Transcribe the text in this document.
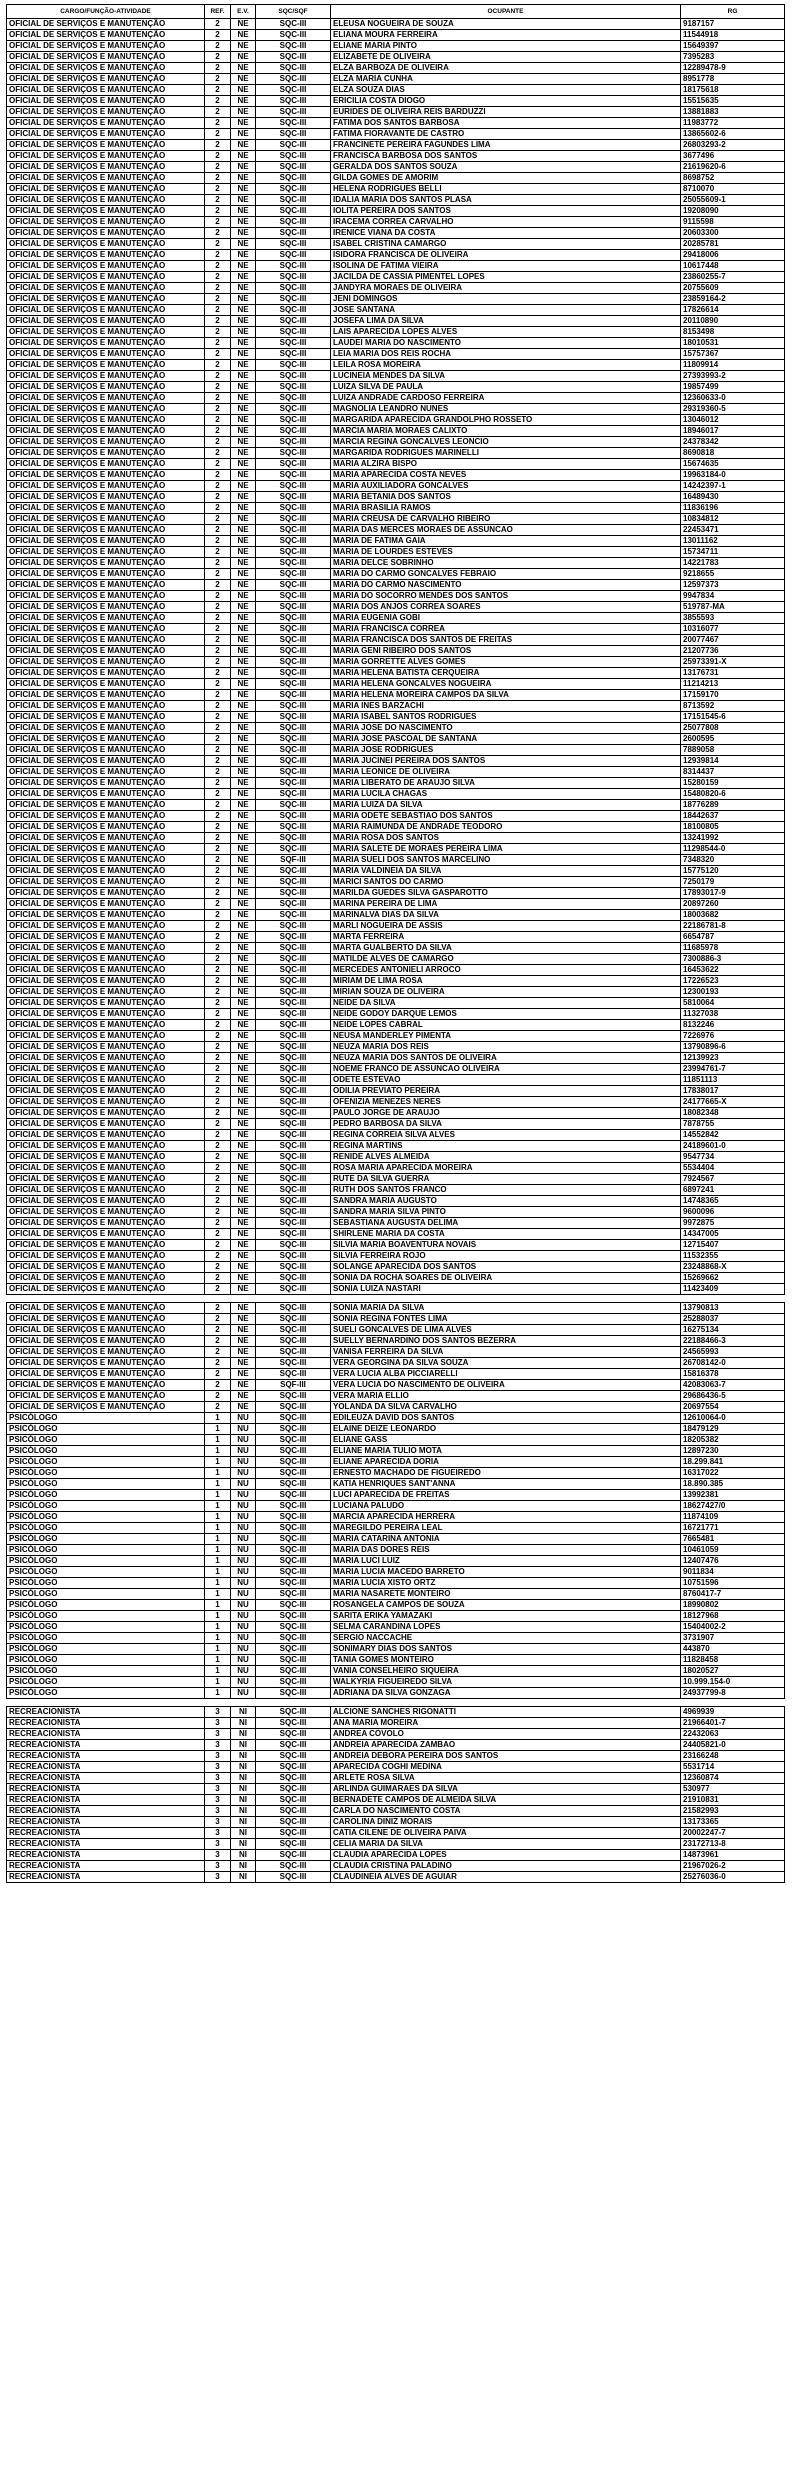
CARGO/FUNÇÃO-ATIVIDADE	REF.	E.V.	SQC/SQF	OCUPANTE	RG
OFICIAL DE SERVIÇOS E MANUTENÇÃO	2	NE	SQC-III	ELEUSA NOGUEIRA DE SOUZA	9187157
OFICIAL DE SERVIÇOS E MANUTENÇÃO	2	NE	SQC-III	ELIANA MOURA FERREIRA	11544918
OFICIAL DE SERVIÇOS E MANUTENÇÃO	2	NE	SQC-III	ELIANE MARIA PINTO	15649397
OFICIAL DE SERVIÇOS E MANUTENÇÃO	2	NE	SQC-III	ELIZABETE DE OLIVEIRA	7395283
OFICIAL DE SERVIÇOS E MANUTENÇÃO	2	NE	SQC-III	ELZA BARBOZA DE OLIVEIRA	12289478-9
OFICIAL DE SERVIÇOS E MANUTENÇÃO	2	NE	SQC-III	ELZA MARIA CUNHA	8951778
OFICIAL DE SERVIÇOS E MANUTENÇÃO	2	NE	SQC-III	ELZA SOUZA DIAS	18175618
OFICIAL DE SERVIÇOS E MANUTENÇÃO	2	NE	SQC-III	ERICILIA COSTA DIOGO	15515635
OFICIAL DE SERVIÇOS E MANUTENÇÃO	2	NE	SQC-III	EURIDES DE OLIVEIRA REIS BARDUZZI	13881883
OFICIAL DE SERVIÇOS E MANUTENÇÃO	2	NE	SQC-III	FATIMA DOS SANTOS BARBOSA	11983772
OFICIAL DE SERVIÇOS E MANUTENÇÃO	2	NE	SQC-III	FATIMA FIORAVANTE DE CASTRO	13865602-6
OFICIAL DE SERVIÇOS E MANUTENÇÃO	2	NE	SQC-III	FRANCINETE PEREIRA FAGUNDES LIMA	26803293-2
OFICIAL DE SERVIÇOS E MANUTENÇÃO	2	NE	SQC-III	FRANCISCA BARBOSA DOS SANTOS	3677496
OFICIAL DE SERVIÇOS E MANUTENÇÃO	2	NE	SQC-III	GERALDA DOS SANTOS SOUZA	21619620-6
OFICIAL DE SERVIÇOS E MANUTENÇÃO	2	NE	SQC-III	GILDA GOMES DE AMORIM	8698752
OFICIAL DE SERVIÇOS E MANUTENÇÃO	2	NE	SQC-III	HELENA RODRIGUES BELLI	8710070
OFICIAL DE SERVIÇOS E MANUTENÇÃO	2	NE	SQC-III	IDALIA MARIA DOS SANTOS PLASA	25055609-1
OFICIAL DE SERVIÇOS E MANUTENÇÃO	2	NE	SQC-III	IOLITA PEREIRA DOS SANTOS	19208090
OFICIAL DE SERVIÇOS E MANUTENÇÃO	2	NE	SQC-III	IRACEMA CORREA CARVALHO	9115598
OFICIAL DE SERVIÇOS E MANUTENÇÃO	2	NE	SQC-III	IRENICE VIANA DA COSTA	20603300
OFICIAL DE SERVIÇOS E MANUTENÇÃO	2	NE	SQC-III	ISABEL CRISTINA CAMARGO	20285781
OFICIAL DE SERVIÇOS E MANUTENÇÃO	2	NE	SQC-III	ISIDORA FRANCISCA DE OLIVEIRA	29418006
OFICIAL DE SERVIÇOS E MANUTENÇÃO	2	NE	SQC-III	ISOLINA DE FATIMA VIEIRA	10617448
OFICIAL DE SERVIÇOS E MANUTENÇÃO	2	NE	SQC-III	JACILDA DE CASSIA PIMENTEL LOPES	23860255-7
OFICIAL DE SERVIÇOS E MANUTENÇÃO	2	NE	SQC-III	JANDYRA MORAES DE OLIVEIRA	20755609
OFICIAL DE SERVIÇOS E MANUTENÇÃO	2	NE	SQC-III	JENI DOMINGOS	23859164-2
OFICIAL DE SERVIÇOS E MANUTENÇÃO	2	NE	SQC-III	JOSE SANTANA	17826614
OFICIAL DE SERVIÇOS E MANUTENÇÃO	2	NE	SQC-III	JOSEFA LIMA DA SILVA	20110890
OFICIAL DE SERVIÇOS E MANUTENÇÃO	2	NE	SQC-III	LAIS APARECIDA LOPES ALVES	8153498
OFICIAL DE SERVIÇOS E MANUTENÇÃO	2	NE	SQC-III	LAUDEI MARIA DO NASCIMENTO	18010531
OFICIAL DE SERVIÇOS E MANUTENÇÃO	2	NE	SQC-III	LEIA MARIA DOS REIS ROCHA	15757367
OFICIAL DE SERVIÇOS E MANUTENÇÃO	2	NE	SQC-III	LEILA ROSA MOREIRA	11809914
OFICIAL DE SERVIÇOS E MANUTENÇÃO	2	NE	SQC-III	LUCINEIA MENDES DA SILVA	27393993-2
OFICIAL DE SERVIÇOS E MANUTENÇÃO	2	NE	SQC-III	LUIZA SILVA DE PAULA	19857499
OFICIAL DE SERVIÇOS E MANUTENÇÃO	2	NE	SQC-III	LUIZA ANDRADE CARDOSO FERREIRA	12360633-0
OFICIAL DE SERVIÇOS E MANUTENÇÃO	2	NE	SQC-III	MAGNOLIA LEANDRO NUNES	29319360-5
OFICIAL DE SERVIÇOS E MANUTENÇÃO	2	NE	SQC-III	MARGARIDA APARECIDA GRANDOLPHO ROSSETO	13046012
OFICIAL DE SERVIÇOS E MANUTENÇÃO	2	NE	SQC-III	MARCIA MARIA MORAES CALIXTO	18946017
OFICIAL DE SERVIÇOS E MANUTENÇÃO	2	NE	SQC-III	MARCIA REGINA GONCALVES LEONCIO	24378342
OFICIAL DE SERVIÇOS E MANUTENÇÃO	2	NE	SQC-III	MARGARIDA RODRIGUES MARINELLI	8690818
OFICIAL DE SERVIÇOS E MANUTENÇÃO	2	NE	SQC-III	MARIA ALZIRA BISPO	15674635
OFICIAL DE SERVIÇOS E MANUTENÇÃO	2	NE	SQC-III	MARIA APARECIDA COSTA NEVES	19963184-0
OFICIAL DE SERVIÇOS E MANUTENÇÃO	2	NE	SQC-III	MARIA AUXILIADORA GONCALVES	14242397-1
OFICIAL DE SERVIÇOS E MANUTENÇÃO	2	NE	SQC-III	MARIA BETANIA DOS SANTOS	16489430
OFICIAL DE SERVIÇOS E MANUTENÇÃO	2	NE	SQC-III	MARIA BRASILIA RAMOS	11836196
OFICIAL DE SERVIÇOS E MANUTENÇÃO	2	NE	SQC-III	MARIA CREUSA DE CARVALHO RIBEIRO	10834812
OFICIAL DE SERVIÇOS E MANUTENÇÃO	2	NE	SQC-III	MARIA DAS MERCES MORAES DE ASSUNCAO	22453471
OFICIAL DE SERVIÇOS E MANUTENÇÃO	2	NE	SQC-III	MARIA DE FATIMA GAIA	13011162
OFICIAL DE SERVIÇOS E MANUTENÇÃO	2	NE	SQC-III	MARIA DE LOURDES ESTEVES	15734711
OFICIAL DE SERVIÇOS E MANUTENÇÃO	2	NE	SQC-III	MARIA DELCE SOBRINHO	14221783
OFICIAL DE SERVIÇOS E MANUTENÇÃO	2	NE	SQC-III	MARIA DO CARMO GONCALVES FEBRAIO	9218655
OFICIAL DE SERVIÇOS E MANUTENÇÃO	2	NE	SQC-III	MARIA DO CARMO NASCIMENTO	12597373
OFICIAL DE SERVIÇOS E MANUTENÇÃO	2	NE	SQC-III	MARIA DO SOCORRO MENDES DOS SANTOS	9947834
OFICIAL DE SERVIÇOS E MANUTENÇÃO	2	NE	SQC-III	MARIA DOS ANJOS CORREA SOARES	519787-MA
OFICIAL DE SERVIÇOS E MANUTENÇÃO	2	NE	SQC-III	MARIA EUGENIA GOBI	3855593
OFICIAL DE SERVIÇOS E MANUTENÇÃO	2	NE	SQC-III	MARIA FRANCISCA CORREA	10316077
OFICIAL DE SERVIÇOS E MANUTENÇÃO	2	NE	SQC-III	MARIA FRANCISCA DOS SANTOS DE FREITAS	20077467
OFICIAL DE SERVIÇOS E MANUTENÇÃO	2	NE	SQC-III	MARIA GENI RIBEIRO DOS SANTOS	21207736
OFICIAL DE SERVIÇOS E MANUTENÇÃO	2	NE	SQC-III	MARIA GORRETTE ALVES GOMES	25973391-X
OFICIAL DE SERVIÇOS E MANUTENÇÃO	2	NE	SQC-III	MARIA HELENA BATISTA CERQUEIRA	13176731
OFICIAL DE SERVIÇOS E MANUTENÇÃO	2	NE	SQC-III	MARIA HELENA GONCALVES NOGUEIRA	11214213
OFICIAL DE SERVIÇOS E MANUTENÇÃO	2	NE	SQC-III	MARIA HELENA MOREIRA CAMPOS DA SILVA	17159170
OFICIAL DE SERVIÇOS E MANUTENÇÃO	2	NE	SQC-III	MARIA INES BARZACHI	8713592
OFICIAL DE SERVIÇOS E MANUTENÇÃO	2	NE	SQC-III	MARIA ISABEL SANTOS RODRIGUES	17151545-6
OFICIAL DE SERVIÇOS E MANUTENÇÃO	2	NE	SQC-III	MARIA JOSE DO NASCIMENTO	25077808
OFICIAL DE SERVIÇOS E MANUTENÇÃO	2	NE	SQC-III	MARIA JOSE PASCOAL DE SANTANA	2600595
OFICIAL DE SERVIÇOS E MANUTENÇÃO	2	NE	SQC-III	MARIA JOSE RODRIGUES	7889058
OFICIAL DE SERVIÇOS E MANUTENÇÃO	2	NE	SQC-III	MARIA JUCINEI PEREIRA DOS SANTOS	12939814
OFICIAL DE SERVIÇOS E MANUTENÇÃO	2	NE	SQC-III	MARIA LEONICE DE OLIVEIRA	8314437
OFICIAL DE SERVIÇOS E MANUTENÇÃO	2	NE	SQC-III	MARIA LIBERATO DE ARAUJO SILVA	15280159
OFICIAL DE SERVIÇOS E MANUTENÇÃO	2	NE	SQC-III	MARIA LUCILA CHAGAS	15480820-6
OFICIAL DE SERVIÇOS E MANUTENÇÃO	2	NE	SQC-III	MARIA LUIZA DA SILVA	18776289
OFICIAL DE SERVIÇOS E MANUTENÇÃO	2	NE	SQC-III	MARIA ODETE SEBASTIAO DOS SANTOS	18442637
OFICIAL DE SERVIÇOS E MANUTENÇÃO	2	NE	SQC-III	MARIA RAIMUNDA DE ANDRADE TEODORO	18100805
OFICIAL DE SERVIÇOS E MANUTENÇÃO	2	NE	SQC-III	MARIA ROSA DOS SANTOS	13241992
OFICIAL DE SERVIÇOS E MANUTENÇÃO	2	NE	SQC-III	MARIA SALETE DE MORAES PEREIRA LIMA	11298544-0
OFICIAL DE SERVIÇOS E MANUTENÇÃO	2	NE	SQF-III	MARIA SUELI DOS SANTOS MARCELINO	7348320
OFICIAL DE SERVIÇOS E MANUTENÇÃO	2	NE	SQC-III	MARIA VALDINEIA DA SILVA	15775120
OFICIAL DE SERVIÇOS E MANUTENÇÃO	2	NE	SQC-III	MARICI SANTOS DO CARMO	7250179
OFICIAL DE SERVIÇOS E MANUTENÇÃO	2	NE	SQC-III	MARILDA GUEDES SILVA GASPAROTTO	17893017-9
OFICIAL DE SERVIÇOS E MANUTENÇÃO	2	NE	SQC-III	MARINA PEREIRA DE LIMA	20897260
OFICIAL DE SERVIÇOS E MANUTENÇÃO	2	NE	SQC-III	MARINALVA DIAS DA SILVA	18003682
OFICIAL DE SERVIÇOS E MANUTENÇÃO	2	NE	SQC-III	MARLI NOGUEIRA DE ASSIS	22186781-8
OFICIAL DE SERVIÇOS E MANUTENÇÃO	2	NE	SQC-III	MARTA FERREIRA	6654787
OFICIAL DE SERVIÇOS E MANUTENÇÃO	2	NE	SQC-III	MARTA GUALBERTO DA SILVA	11685978
OFICIAL DE SERVIÇOS E MANUTENÇÃO	2	NE	SQC-III	MATILDE ALVES DE CAMARGO	7300886-3
OFICIAL DE SERVIÇOS E MANUTENÇÃO	2	NE	SQC-III	MERCEDES ANTONIELI ARROCO	16453622
OFICIAL DE SERVIÇOS E MANUTENÇÃO	2	NE	SQC-III	MIRIAM DE LIMA ROSA	17226523
OFICIAL DE SERVIÇOS E MANUTENÇÃO	2	NE	SQC-III	MIRIAN SOUZA DE OLIVEIRA	12300193
OFICIAL DE SERVIÇOS E MANUTENÇÃO	2	NE	SQC-III	NEIDE DA SILVA	5810064
OFICIAL DE SERVIÇOS E MANUTENÇÃO	2	NE	SQC-III	NEIDE GODOY DARQUE LEMOS	11327038
OFICIAL DE SERVIÇOS E MANUTENÇÃO	2	NE	SQC-III	NEIDE LOPES CABRAL	8132246
OFICIAL DE SERVIÇOS E MANUTENÇÃO	2	NE	SQC-III	NEUSA MANDERLEY PIMENTA	7226976
OFICIAL DE SERVIÇOS E MANUTENÇÃO	2	NE	SQC-III	NEUZA MARIA DOS REIS	13790896-6
OFICIAL DE SERVIÇOS E MANUTENÇÃO	2	NE	SQC-III	NEUZA MARIA DOS SANTOS DE OLIVEIRA	12139923
OFICIAL DE SERVIÇOS E MANUTENÇÃO	2	NE	SQC-III	NOEME FRANCO DE ASSUNCAO OLIVEIRA	23994761-7
OFICIAL DE SERVIÇOS E MANUTENÇÃO	2	NE	SQC-III	ODETE ESTEVAO	11851113
OFICIAL DE SERVIÇOS E MANUTENÇÃO	2	NE	SQC-III	ODILIA PREVIATO PEREIRA	17838017
OFICIAL DE SERVIÇOS E MANUTENÇÃO	2	NE	SQC-III	OFENIZIA MENEZES NERES	24177665-X
OFICIAL DE SERVIÇOS E MANUTENÇÃO	2	NE	SQC-III	PAULO JORGE DE ARAUJO	18082348
OFICIAL DE SERVIÇOS E MANUTENÇÃO	2	NE	SQC-III	PEDRO BARBOSA DA SILVA	7878755
OFICIAL DE SERVIÇOS E MANUTENÇÃO	2	NE	SQC-III	REGINA CORREIA SILVA ALVES	14552842
OFICIAL DE SERVIÇOS E MANUTENÇÃO	2	NE	SQC-III	REGINA MARTINS	24189601-0
OFICIAL DE SERVIÇOS E MANUTENÇÃO	2	NE	SQC-III	RENIDE ALVES ALMEIDA	9547734
OFICIAL DE SERVIÇOS E MANUTENÇÃO	2	NE	SQC-III	ROSA MARIA APARECIDA MOREIRA	5534404
OFICIAL DE SERVIÇOS E MANUTENÇÃO	2	NE	SQC-III	RUTE DA SILVA GUERRA	7924567
OFICIAL DE SERVIÇOS E MANUTENÇÃO	2	NE	SQC-III	RUTH DOS SANTOS FRANCO	6897241
OFICIAL DE SERVIÇOS E MANUTENÇÃO	2	NE	SQC-III	SANDRA MARIA AUGUSTO	14748365
OFICIAL DE SERVIÇOS E MANUTENÇÃO	2	NE	SQC-III	SANDRA MARIA SILVA PINTO	9600096
OFICIAL DE SERVIÇOS E MANUTENÇÃO	2	NE	SQC-III	SEBASTIANA AUGUSTA DELIMA	9972875
OFICIAL DE SERVIÇOS E MANUTENÇÃO	2	NE	SQC-III	SHIRLENE MARIA DA COSTA	14347005
OFICIAL DE SERVIÇOS E MANUTENÇÃO	2	NE	SQC-III	SILVIA MARIA BOAVENTURA NOVAIS	12715407
OFICIAL DE SERVIÇOS E MANUTENÇÃO	2	NE	SQC-III	SILVIA FERREIRA ROJO	11532355
OFICIAL DE SERVIÇOS E MANUTENÇÃO	2	NE	SQC-III	SOLANGE APARECIDA DOS SANTOS	23248868-X
OFICIAL DE SERVIÇOS E MANUTENÇÃO	2	NE	SQC-III	SONIA DA ROCHA SOARES DE OLIVEIRA	15269662
OFICIAL DE SERVIÇOS E MANUTENÇÃO	2	NE	SQC-III	SONIA LUIZA NASTARI	11423409

OFICIAL DE SERVIÇOS E MANUTENÇÃO	2	NE	SQC-III	SONIA MARIA DA SILVA	13790813
OFICIAL DE SERVIÇOS E MANUTENÇÃO	2	NE	SQC-III	SONIA REGINA FONTES LIMA	25288037
OFICIAL DE SERVIÇOS E MANUTENÇÃO	2	NE	SQC-III	SUELI GONCALVES DE LIMA ALVES	16275134
OFICIAL DE SERVIÇOS E MANUTENÇÃO	2	NE	SQC-III	SUELLY BERNARDINO DOS SANTOS BEZERRA	22188466-3
OFICIAL DE SERVIÇOS E MANUTENÇÃO	2	NE	SQC-III	VANISA FERREIRA DA SILVA	24565993
OFICIAL DE SERVIÇOS E MANUTENÇÃO	2	NE	SQC-III	VERA GEORGINA DA SILVA SOUZA	26708142-0
OFICIAL DE SERVIÇOS E MANUTENÇÃO	2	NE	SQC-III	VERA LUCIA ALBA PICCIARELLI	15816378
OFICIAL DE SERVIÇOS E MANUTENÇÃO	2	NE	SQF-III	VERA LUCIA DO NASCIMENTO DE OLIVEIRA	42083063-7
OFICIAL DE SERVIÇOS E MANUTENÇÃO	2	NE	SQC-III	VERA MARIA ELLIO	29686436-5
OFICIAL DE SERVIÇOS E MANUTENÇÃO	2	NE	SQC-III	YOLANDA DA SILVA CARVALHO	20697554
PSICÓLOGO	1	NU	SQC-III	EDILEUZA DAVID DOS SANTOS	12610064-0
PSICÓLOGO	1	NU	SQC-III	ELAINE DEIZE LEONARDO	18479129
PSICÓLOGO	1	NU	SQC-III	ELIANE GASS	18205382
PSICÓLOGO	1	NU	SQC-III	ELIANE MARIA TULIO MOTA	12897230
PSICÓLOGO	1	NU	SQC-III	ELIANE APARECIDA DORIA	18.299.841
PSICÓLOGO	1	NU	SQC-III	ERNESTO MACHADO DE FIGUEIREDO	16317022
PSICÓLOGO	1	NU	SQC-III	KATIA HENRIQUES SANT'ANNA	18.890.385
PSICÓLOGO	1	NU	SQC-III	LUCI APARECIDA DE FREITAS	13992381
PSICÓLOGO	1	NU	SQC-III	LUCIANA PALUDO	18627427/0
PSICÓLOGO	1	NU	SQC-III	MARCIA APARECIDA HERRERA	11874109
PSICÓLOGO	1	NU	SQC-III	MAREGILDO PEREIRA LEAL	16721771
PSICÓLOGO	1	NU	SQC-III	MARIA CATARINA ANTONIA	7665481
PSICÓLOGO	1	NU	SQC-III	MARIA DAS DORES REIS	10461059
PSICÓLOGO	1	NU	SQC-III	MARIA LUCI LUIZ	12407476
PSICÓLOGO	1	NU	SQC-III	MARIA LUCIA MACEDO BARRETO	9011834
PSICÓLOGO	1	NU	SQC-III	MARIA LUCIA XISTO ORTZ	10751596
PSICÓLOGO	1	NU	SQC-III	MARIA NASARETE MONTEIRO	8760417-7
PSICÓLOGO	1	NU	SQC-III	ROSANGELA CAMPOS DE SOUZA	18990802
PSICÓLOGO	1	NU	SQC-III	SARITA ERIKA YAMAZAKI	18127968
PSICÓLOGO	1	NU	SQC-III	SELMA CARANDINA LOPES	15404002-2
PSICÓLOGO	1	NU	SQC-III	SERGIO NACCACHE	3731907
PSICÓLOGO	1	NU	SQC-III	SONIMARY DIAS DOS SANTOS	443870
PSICÓLOGO	1	NU	SQC-III	TANIA GOMES MONTEIRO	11828458
PSICÓLOGO	1	NU	SQC-III	VANIA CONSELHEIRO SIQUEIRA	18020527
PSICÓLOGO	1	NU	SQC-III	WALKYRIA FIGUEIREDO SILVA	10.999.154-0
PSICÓLOGO	1	NU	SQC-III	ADRIANA DA SILVA GONZAGA	24937799-8

RECREACIONISTA	3	NI	SQC-III	ALCIONE SANCHES RIGONATTI	4969939
RECREACIONISTA	3	NI	SQC-III	ANA MARIA MOREIRA	21966401-7
RECREACIONISTA	3	NI	SQC-III	ANDREA COVOLO	22432063
RECREACIONISTA	3	NI	SQC-III	ANDREIA APARECIDA ZAMBAO	24405821-0
RECREACIONISTA	3	NI	SQC-III	ANDREIA DEBORA PEREIRA DOS SANTOS	23166248
RECREACIONISTA	3	NI	SQC-III	APARECIDA COGHI MEDINA	5531714
RECREACIONISTA	3	NI	SQC-III	ARLETE ROSA SILVA	12360874
RECREACIONISTA	3	NI	SQC-III	ARLINDA GUIMARAES DA SILVA	530977
RECREACIONISTA	3	NI	SQC-III	BERNADETE CAMPOS DE ALMEIDA SILVA	21910831
RECREACIONISTA	3	NI	SQC-III	CARLA DO NASCIMENTO COSTA	21582993
RECREACIONISTA	3	NI	SQC-III	CAROLINA DINIZ MORAIS	13173365
RECREACIONISTA	3	NI	SQC-III	CATIA CILENE DE OLIVEIRA PAIVA	20002247-7
RECREACIONISTA	3	NI	SQC-III	CELIA MARIA DA SILVA	23172713-8
RECREACIONISTA	3	NI	SQC-III	CLAUDIA APARECIDA LOPES	14873961
RECREACIONISTA	3	NI	SQC-III	CLAUDIA CRISTINA PALADINO	21967026-2
RECREACIONISTA	3	NI	SQC-III	CLAUDINEIA ALVES DE AGUIAR	25276036-0
